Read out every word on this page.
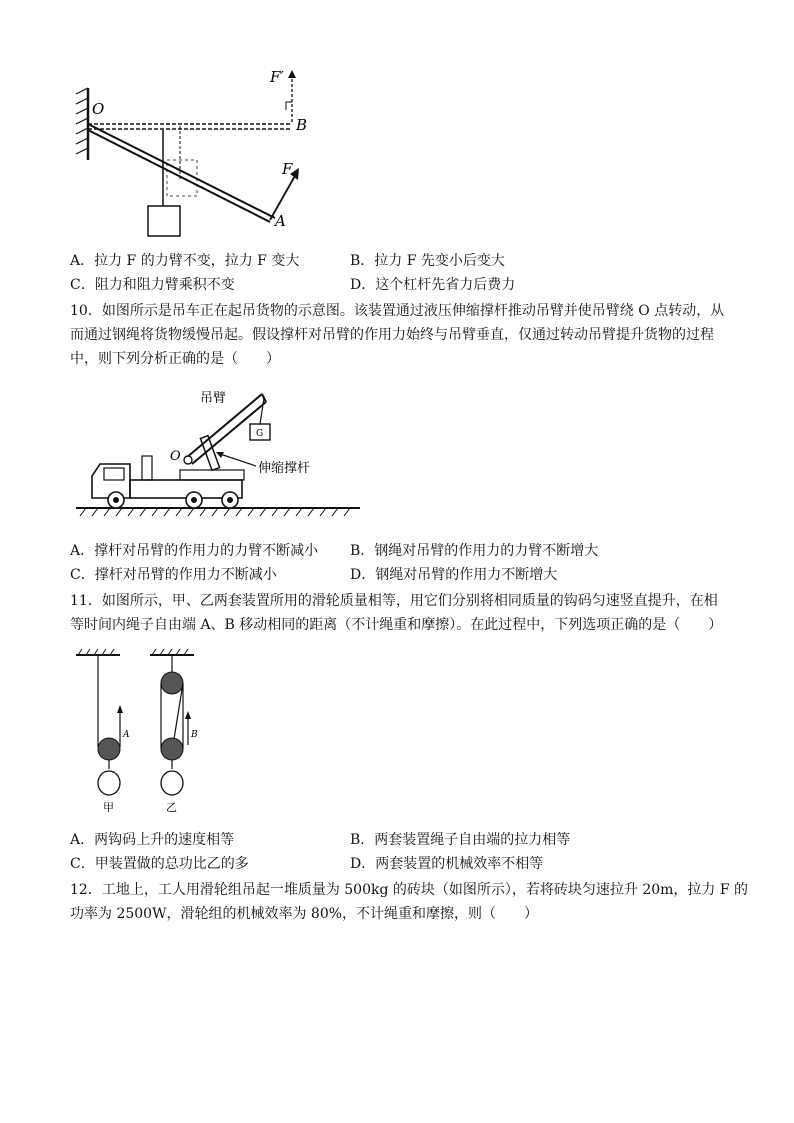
O
B
A
F′
F
A．拉力 F 的力臂不变，拉力 F 变大	B．拉力 F 先变小后变大
C．阻力和阻力臂乘积不变	D．这个杠杆先省力后费力
10．如图所示是吊车正在起吊货物的示意图。该装置通过液压伸缩撑杆推动吊臂并使吊臂绕 O 点转动，从
而通过钢绳将货物缓慢吊起。假设撑杆对吊臂的作用力始终与吊臂垂直，仅通过转动吊臂提升货物的过程
中，则下列分析正确的是（　　）
吊臂
伸缩撑杆
O
G
A．撑杆对吊臂的作用力的力臂不断减小 B．钢绳对吊臂的作用力的力臂不断增大
C．撑杆对吊臂的作用力不断减小	D．钢绳对吊臂的作用力不断增大
11．如图所示，甲、乙两套装置所用的滑轮质量相等，用它们分别将相同质量的钩码匀速竖直提升，在相
等时间内绳子自由端 A、B 移动相同的距离（不计绳重和摩擦）。在此过程中，下列选项正确的是（　　）
A	B
甲	乙
A．两钩码上升的速度相等	B．两套装置绳子自由端的拉力相等
C．甲装置做的总功比乙的多	D．两套装置的机械效率不相等
12．工地上，工人用滑轮组吊起一堆质量为 500kg 的砖块（如图所示），若将砖块匀速拉升 20m，拉力 F 的
功率为 2500W，滑轮组的机械效率为 80%，不计绳重和摩擦，则（　　）
